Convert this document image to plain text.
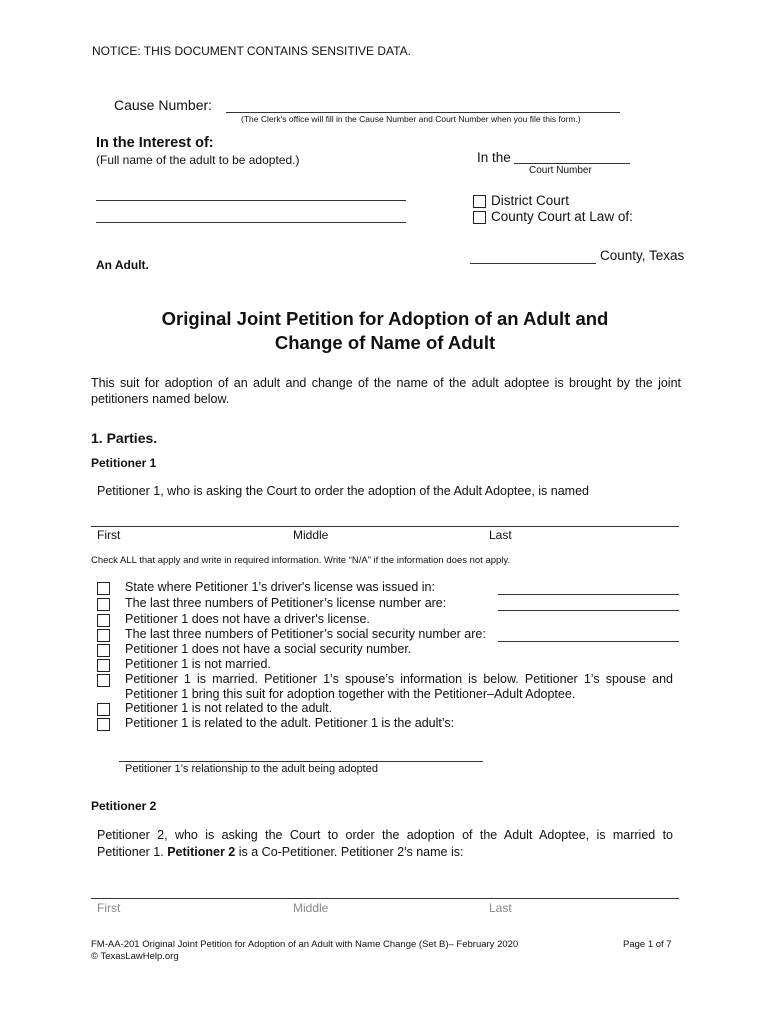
NOTICE: THIS DOCUMENT CONTAINS SENSITIVE DATA.
Cause Number:
(The Clerk's office will fill in the Cause Number and Court Number when you file this form.)
In the Interest of:
(Full name of the adult to be adopted.)
An Adult.
In the
Court Number
District Court
County Court at Law of:
County, Texas
Original Joint Petition for Adoption of an Adult and
Change of Name of Adult
This suit for adoption of an adult and change of the name of the adult adoptee is brought by the joint
petitioners named below.
1. Parties.
Petitioner 1
Petitioner 1, who is asking the Court to order the adoption of the Adult Adoptee, is named
First	Middle	Last
Check ALL that apply and write in required information. Write “N/A” if the information does not apply.
State where Petitioner 1’s driver's license was issued in:
The last three numbers of Petitioner’s license number are:
Petitioner 1 does not have a driver's license.
The last three numbers of Petitioner’s social security number are:
Petitioner 1 does not have a social security number.
Petitioner 1 is not married.
Petitioner 1 is married. Petitioner 1’s spouse’s information is below. Petitioner 1’s spouse and
Petitioner 1 bring this suit for adoption together with the Petitioner–Adult Adoptee.
Petitioner 1 is not related to the adult.
Petitioner 1 is related to the adult. Petitioner 1 is the adult’s:
Petitioner 1’s relationship to the adult being adopted
Petitioner 2
Petitioner 2, who is asking the Court to order the adoption of the Adult Adoptee, is married to
Petitioner 1. Petitioner 2 is a Co-Petitioner. Petitioner 2's name is:
First	Middle	Last
FM-AA-201 Original Joint Petition for Adoption of an Adult with Name Change (Set B)– February 2020
© TexasLawHelp.org
Page 1 of 7
